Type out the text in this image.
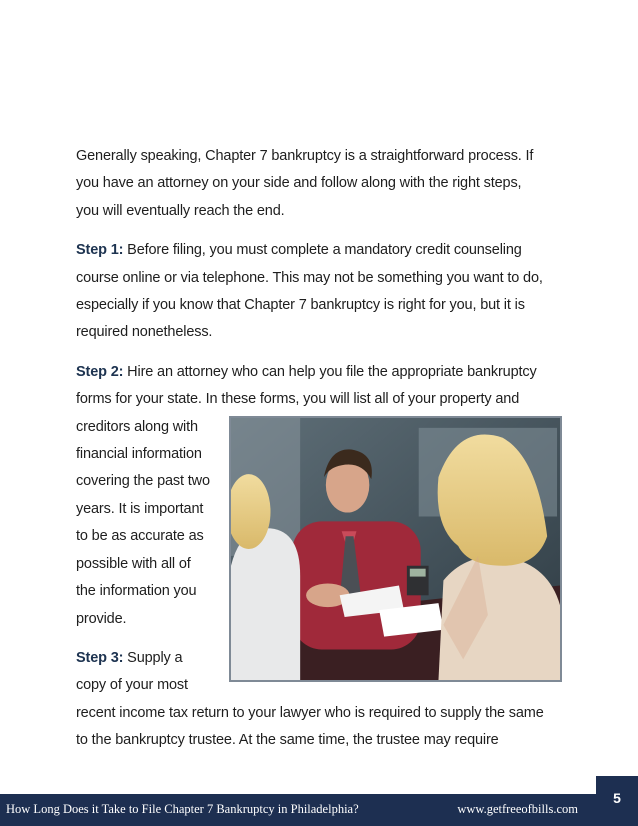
Generally speaking, Chapter 7 bankruptcy is a straightforward process. If
you have an attorney on your side and follow along with the right steps,
you will eventually reach the end.
Step 1: Before filing, you must complete a mandatory credit counseling
course online or via telephone. This may not be something you want to do,
especially if you know that Chapter 7 bankruptcy is right for you, but it is
required nonetheless.
Step 2: Hire an attorney who can help you file the appropriate bankruptcy
forms for your state. In these forms, you will list all of your property and
creditors along with
financial information
covering the past two
years. It is important
to be as accurate as
possible with all of
the information you
provide.
Step 3: Supply a
copy of your most
recent income tax return to your lawyer who is required to supply the same
to the bankruptcy trustee. At the same time, the trustee may require
How Long Does it Take to File Chapter 7 Bankruptcy in Philadelphia?	www.getfreeofbills.com
5
